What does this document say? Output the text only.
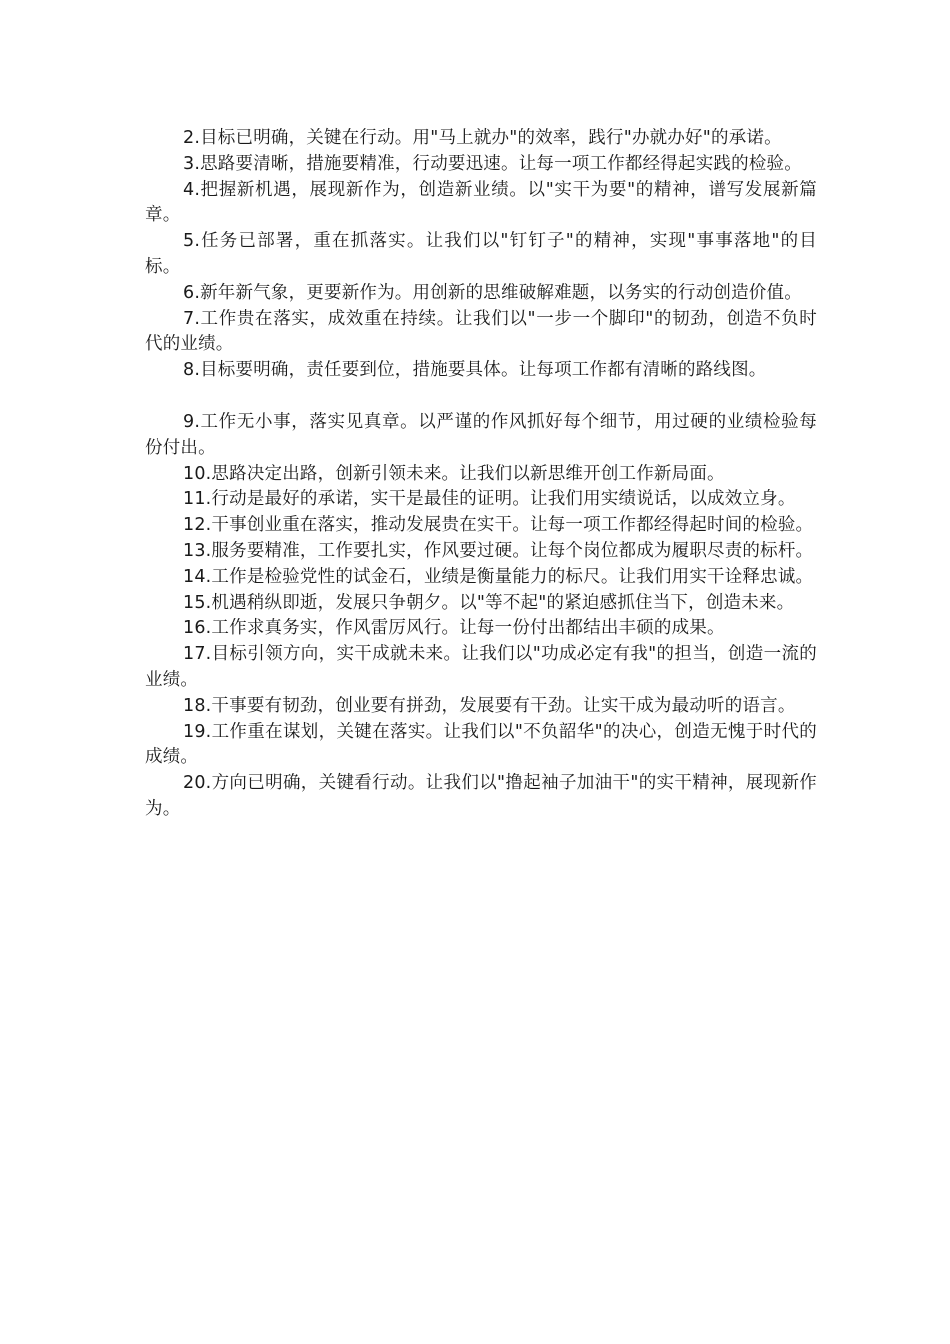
2.目标已明确，关键在行动。用"马上就办"的效率，践行"办就办好"的承诺。

3.思路要清晰，措施要精准，行动要迅速。让每一项工作都经得起实践的检验。

4.把握新机遇，展现新作为，创造新业绩。以"实干为要"的精神，谱写发展新篇章。

5.任务已部署，重在抓落实。让我们以"钉钉子"的精神，实现"事事落地"的目标。

6.新年新气象，更要新作为。用创新的思维破解难题，以务实的行动创造价值。

7.工作贵在落实，成效重在持续。让我们以"一步一个脚印"的韧劲，创造不负时代的业绩。

8.目标要明确，责任要到位，措施要具体。让每项工作都有清晰的路线图。

9.工作无小事，落实见真章。以严谨的作风抓好每个细节，用过硬的业绩检验每份付出。

10.思路决定出路，创新引领未来。让我们以新思维开创工作新局面。

11.行动是最好的承诺，实干是最佳的证明。让我们用实绩说话，以成效立身。

12.干事创业重在落实，推动发展贵在实干。让每一项工作都经得起时间的检验。

13.服务要精准，工作要扎实，作风要过硬。让每个岗位都成为履职尽责的标杆。

14.工作是检验党性的试金石，业绩是衡量能力的标尺。让我们用实干诠释忠诚。

15.机遇稍纵即逝，发展只争朝夕。以"等不起"的紧迫感抓住当下，创造未来。

16.工作求真务实，作风雷厉风行。让每一份付出都结出丰硕的成果。

17.目标引领方向，实干成就未来。让我们以"功成必定有我"的担当，创造一流的业绩。

18.干事要有韧劲，创业要有拼劲，发展要有干劲。让实干成为最动听的语言。

19.工作重在谋划，关键在落实。让我们以"不负韶华"的决心，创造无愧于时代的成绩。

20.方向已明确，关键看行动。让我们以"撸起袖子加油干"的实干精神，展现新作为。
